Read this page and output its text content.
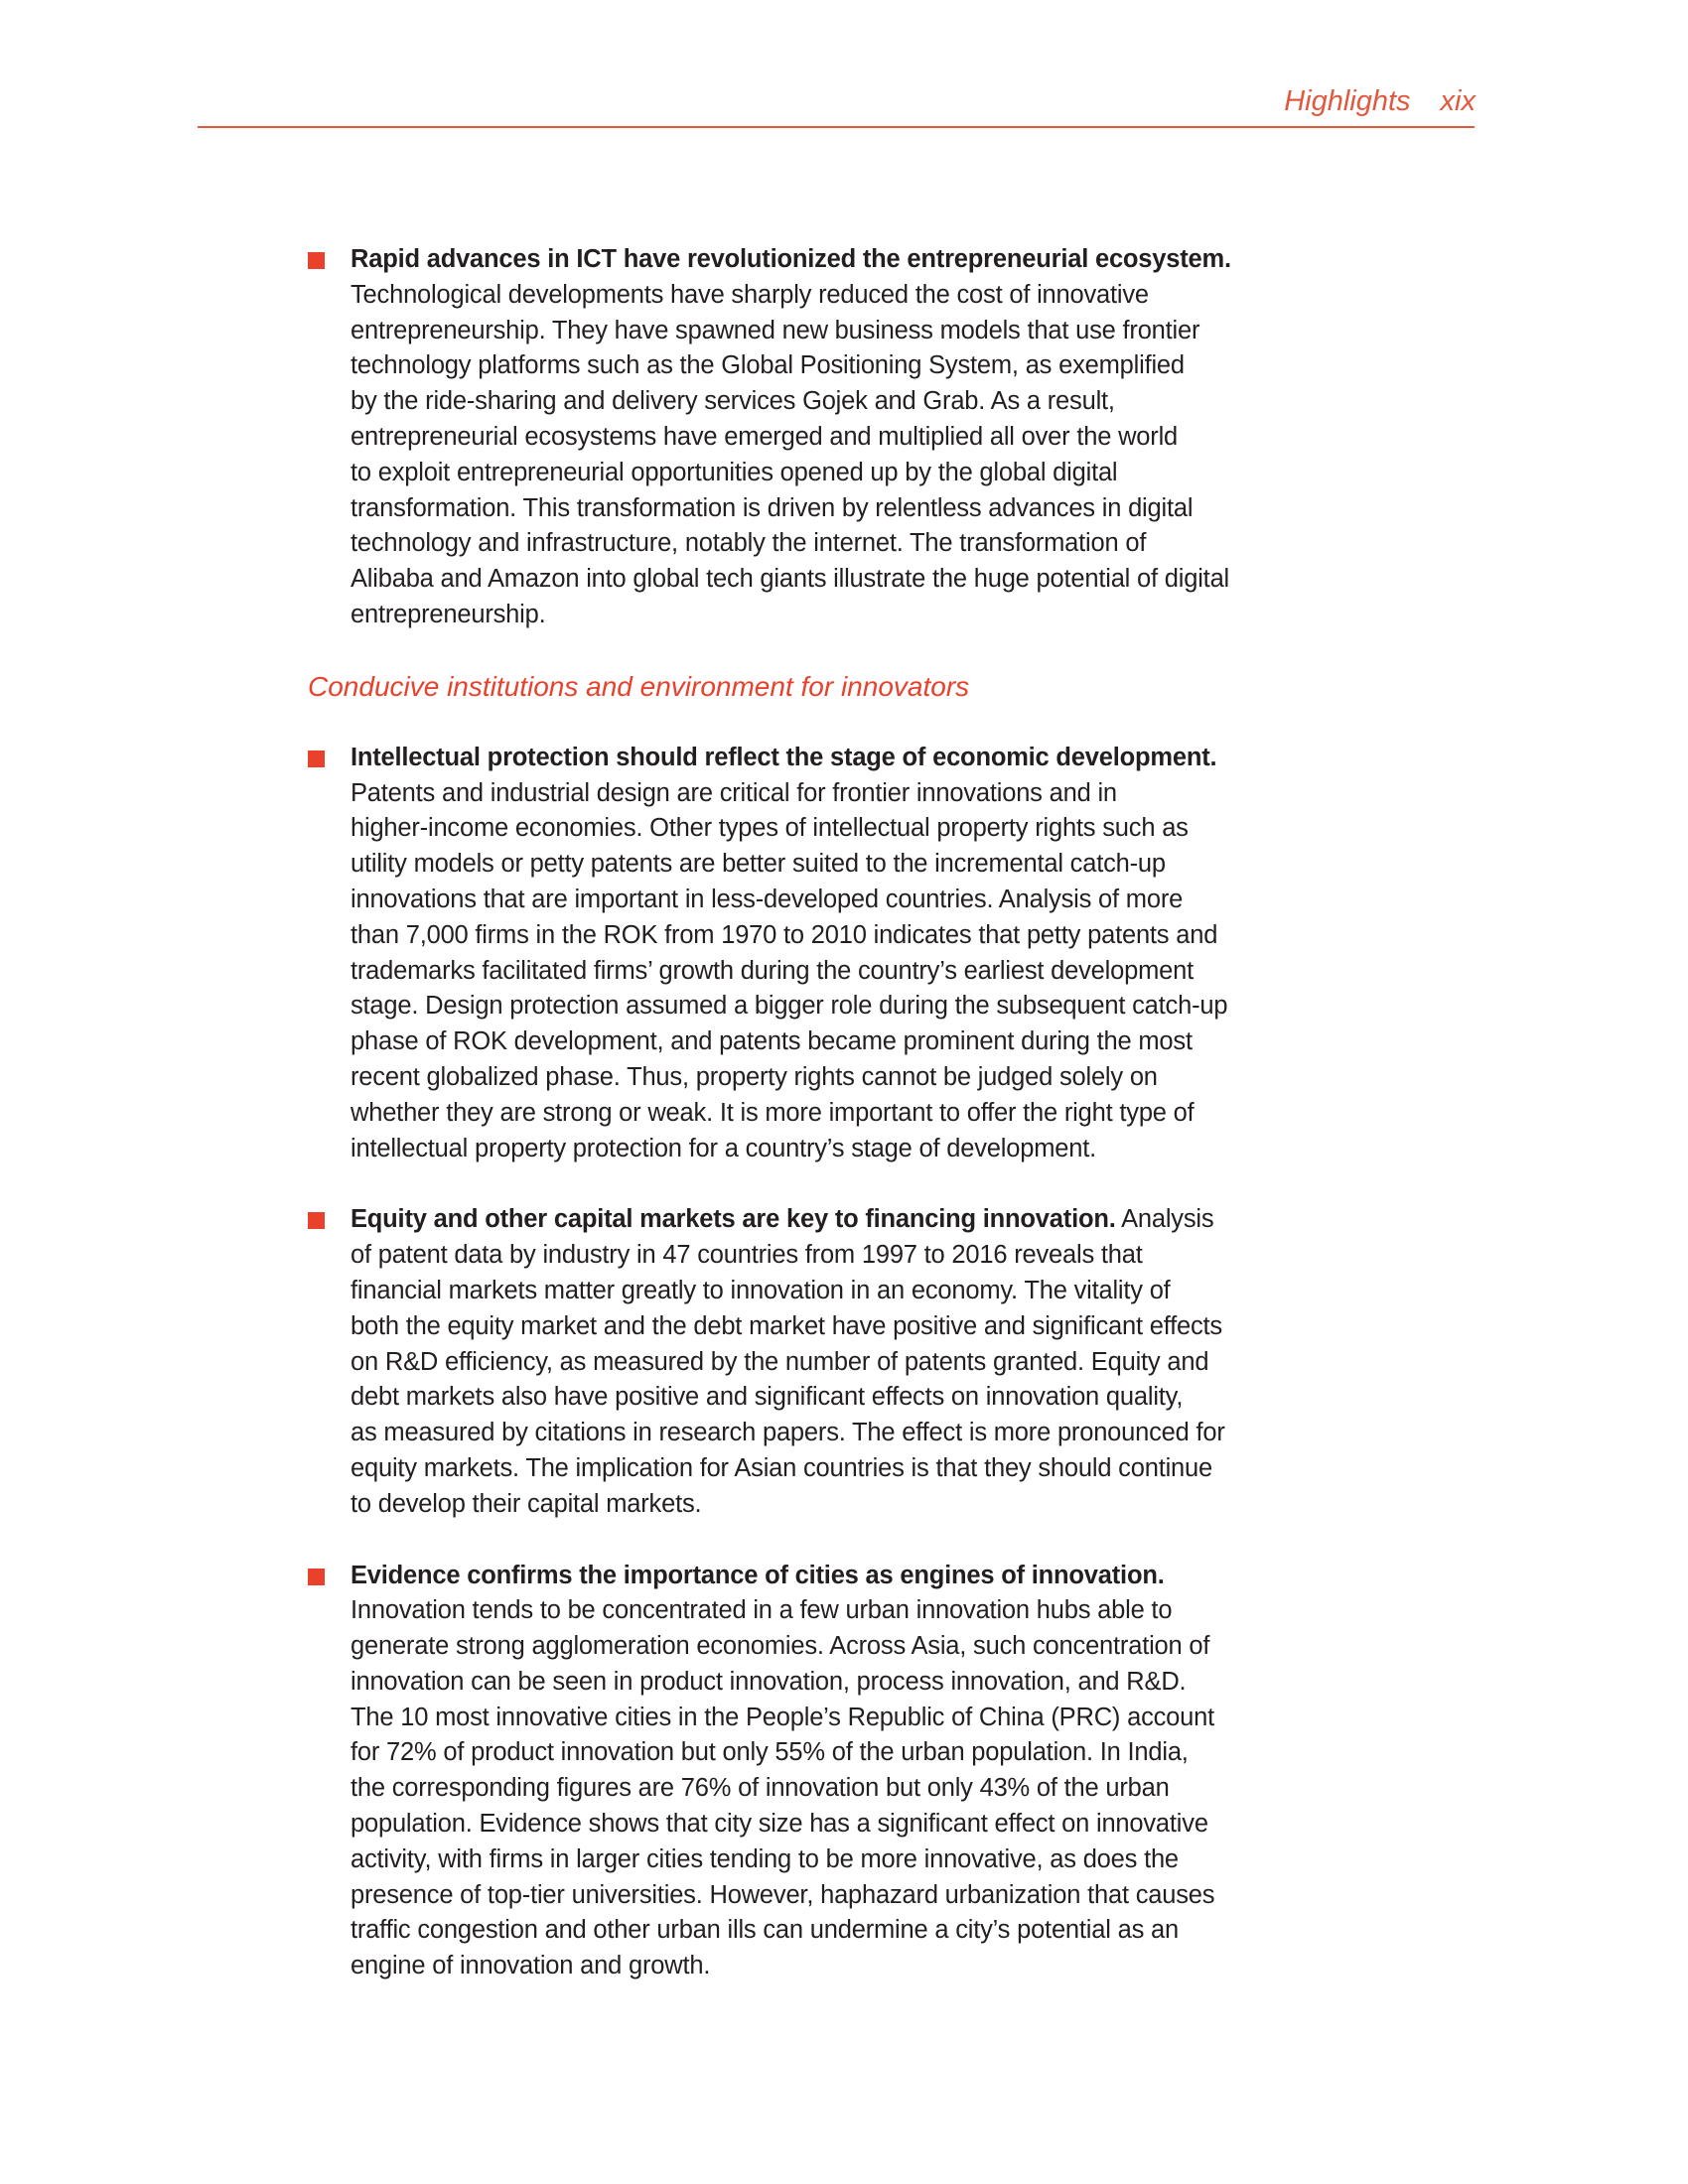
Highlights xix
Rapid advances in ICT have revolutionized the entrepreneurial ecosystem.
Technological developments have sharply reduced the cost of innovative
entrepreneurship. They have spawned new business models that use frontier
technology platforms such as the Global Positioning System, as exemplified
by the ride-sharing and delivery services Gojek and Grab. As a result,
entrepreneurial ecosystems have emerged and multiplied all over the world
to exploit entrepreneurial opportunities opened up by the global digital
transformation. This transformation is driven by relentless advances in digital
technology and infrastructure, notably the internet. The transformation of
Alibaba and Amazon into global tech giants illustrate the huge potential of digital
entrepreneurship.
Conducive institutions and environment for innovators
Intellectual protection should reflect the stage of economic development.
Patents and industrial design are critical for frontier innovations and in
higher-income economies. Other types of intellectual property rights such as
utility models or petty patents are better suited to the incremental catch-up
innovations that are important in less-developed countries. Analysis of more
than 7,000 firms in the ROK from 1970 to 2010 indicates that petty patents and
trademarks facilitated firms’ growth during the country’s earliest development
stage. Design protection assumed a bigger role during the subsequent catch-up
phase of ROK development, and patents became prominent during the most
recent globalized phase. Thus, property rights cannot be judged solely on
whether they are strong or weak. It is more important to offer the right type of
intellectual property protection for a country’s stage of development.
Equity and other capital markets are key to financing innovation. Analysis
of patent data by industry in 47 countries from 1997 to 2016 reveals that
financial markets matter greatly to innovation in an economy. The vitality of
both the equity market and the debt market have positive and significant effects
on R&D efficiency, as measured by the number of patents granted. Equity and
debt markets also have positive and significant effects on innovation quality,
as measured by citations in research papers. The effect is more pronounced for
equity markets. The implication for Asian countries is that they should continue
to develop their capital markets.
Evidence confirms the importance of cities as engines of innovation.
Innovation tends to be concentrated in a few urban innovation hubs able to
generate strong agglomeration economies. Across Asia, such concentration of
innovation can be seen in product innovation, process innovation, and R&D.
The 10 most innovative cities in the People’s Republic of China (PRC) account
for 72% of product innovation but only 55% of the urban population. In India,
the corresponding figures are 76% of innovation but only 43% of the urban
population. Evidence shows that city size has a significant effect on innovative
activity, with firms in larger cities tending to be more innovative, as does the
presence of top-tier universities. However, haphazard urbanization that causes
traffic congestion and other urban ills can undermine a city’s potential as an
engine of innovation and growth.
